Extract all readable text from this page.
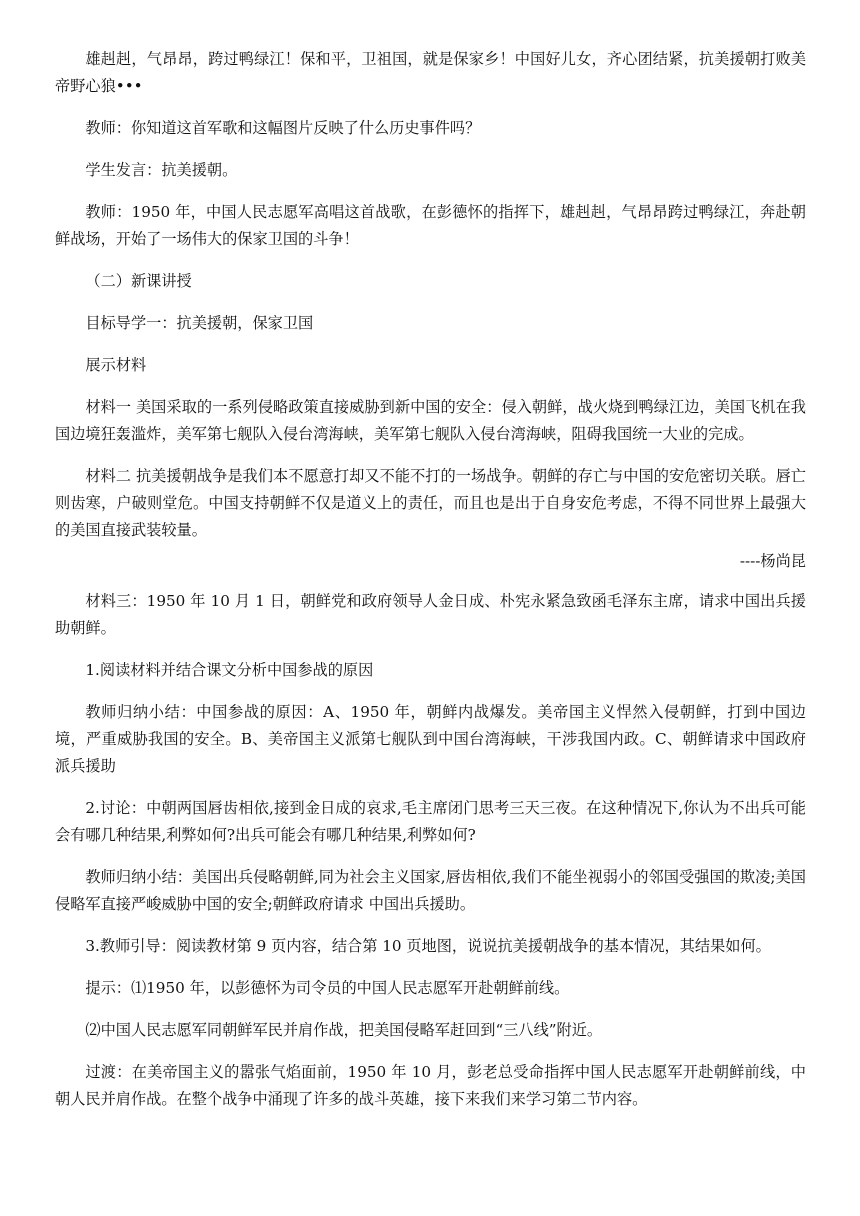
雄赳赳，气昂昂，跨过鸭绿江！保和平，卫祖国，就是保家乡！中国好儿女，齐心团结紧，抗美援朝打败美帝野心狼•••

教师：你知道这首军歌和这幅图片反映了什么历史事件吗？

学生发言：抗美援朝。

教师：1950 年，中国人民志愿军高唱这首战歌，在彭德怀的指挥下，雄赳赳，气昂昂跨过鸭绿江，奔赴朝鲜战场，开始了一场伟大的保家卫国的斗争！

（二）新课讲授

目标导学一：抗美援朝，保家卫国

展示材料

材料一 美国采取的一系列侵略政策直接威胁到新中国的安全：侵入朝鲜，战火烧到鸭绿江边，美国飞机在我国边境狂轰滥炸，美军第七舰队入侵台湾海峡，美军第七舰队入侵台湾海峡，阻碍我国统一大业的完成。

材料二 抗美援朝战争是我们本不愿意打却又不能不打的一场战争。朝鲜的存亡与中国的安危密切关联。唇亡则齿寒，户破则堂危。中国支持朝鲜不仅是道义上的责任，而且也是出于自身安危考虑，不得不同世界上最强大的美国直接武装较量。

----杨尚昆

材料三：1950 年 10 月 1 日，朝鲜党和政府领导人金日成、朴宪永紧急致函毛泽东主席，请求中国出兵援助朝鲜。

1.阅读材料并结合课文分析中国参战的原因

教师归纳小结：中国参战的原因：A、1950 年，朝鲜内战爆发。美帝国主义悍然入侵朝鲜，打到中国边境，严重威胁我国的安全。B、美帝国主义派第七舰队到中国台湾海峡，干涉我国内政。C、朝鲜请求中国政府派兵援助

2.讨论：中朝两国唇齿相依,接到金日成的哀求,毛主席闭门思考三天三夜。在这种情况下,你认为不出兵可能会有哪几种结果,利弊如何?出兵可能会有哪几种结果,利弊如何?

教师归纳小结：美国出兵侵略朝鲜,同为社会主义国家,唇齿相依,我们不能坐视弱小的邻国受强国的欺凌;美国侵略军直接严峻威胁中国的安全;朝鲜政府请求 中国出兵援助。

3.教师引导：阅读教材第 9 页内容，结合第 10 页地图，说说抗美援朝战争的基本情况，其结果如何。

提示：⑴1950 年，以彭德怀为司令员的中国人民志愿军开赴朝鲜前线。

⑵中国人民志愿军同朝鲜军民并肩作战，把美国侵略军赶回到“三八线”附近。

过渡：在美帝国主义的嚣张气焰面前，1950 年 10 月，彭老总受命指挥中国人民志愿军开赴朝鲜前线，中朝人民并肩作战。在整个战争中涌现了许多的战斗英雄，接下来我们来学习第二节内容。
